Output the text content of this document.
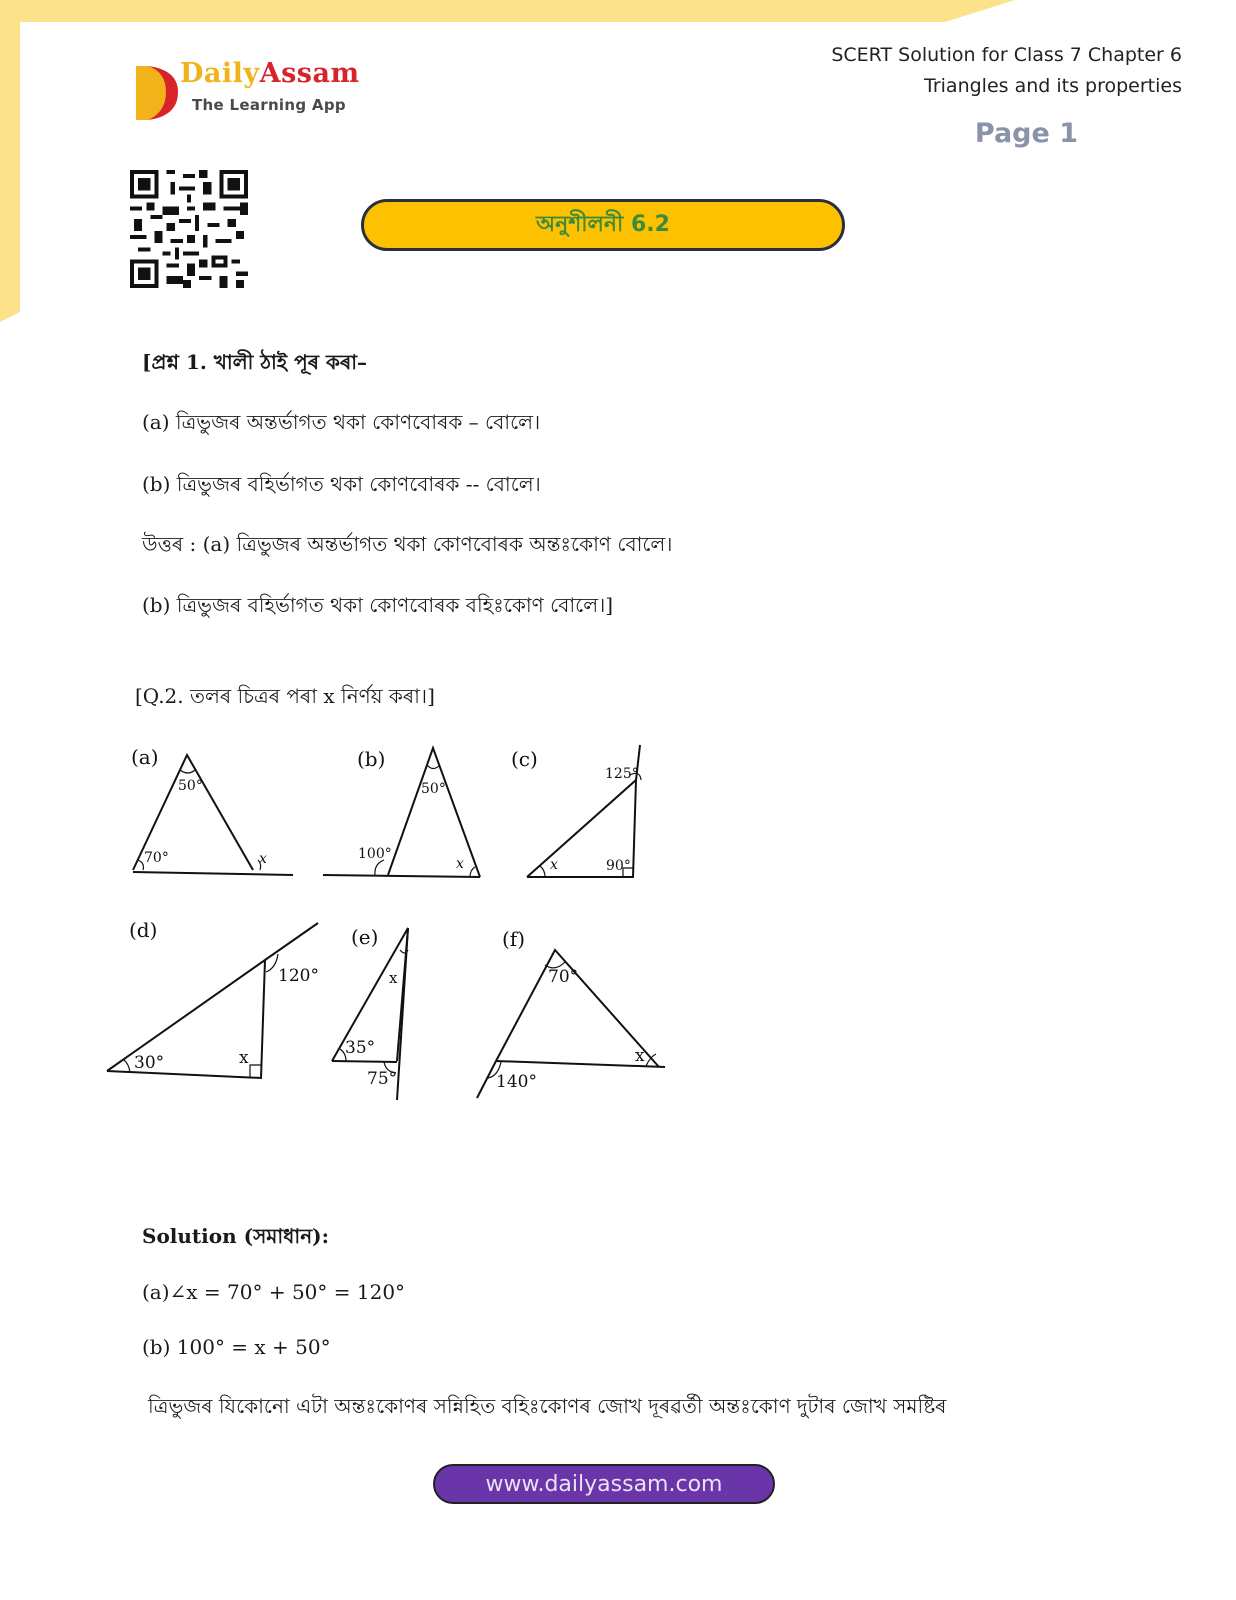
DailyAssam
The Learning App
SCERT Solution for Class 7 Chapter 6
Triangles and its properties
Page 1
অনুশীলনী 6.2
[প্ৰশ্ন 1. খালী ঠাই পূৰ কৰা–
(a) ত্ৰিভুজৰ অন্তৰ্ভাগত থকা কোণবোৰক – বোলে।
(b) ত্ৰিভুজৰ বহিৰ্ভাগত থকা কোণবোৰক -- বোলে।
উত্তৰ : (a) ত্ৰিভুজৰ অন্তৰ্ভাগত থকা কোণবোৰক অন্তঃকোণ বোলে।
(b) ত্ৰিভুজৰ বহিৰ্ভাগত থকা কোণবোৰক বহিঃকোণ বোলে।]
[Q.2. তলৰ চিত্ৰৰ পৰা x নিৰ্ণয় কৰা।]
(a)
50°
70°	x
(b)
50°
100°
x
(c)
125°
90°
x
(d)
120°
30°	x
(e)
x
35°
75°
(f)
70°
140°
x
Solution (সমাধান):
(a)∠x = 70° + 50° = 120°
(b) 100° = x + 50°
ত্ৰিভুজৰ যিকোনো এটা অন্তঃকোণৰ সন্নিহিত বহিঃকোণৰ জোখ দূৰৱৰ্তী অন্তঃকোণ দুটাৰ জোখ সমষ্টিৰ
www.dailyassam.com
